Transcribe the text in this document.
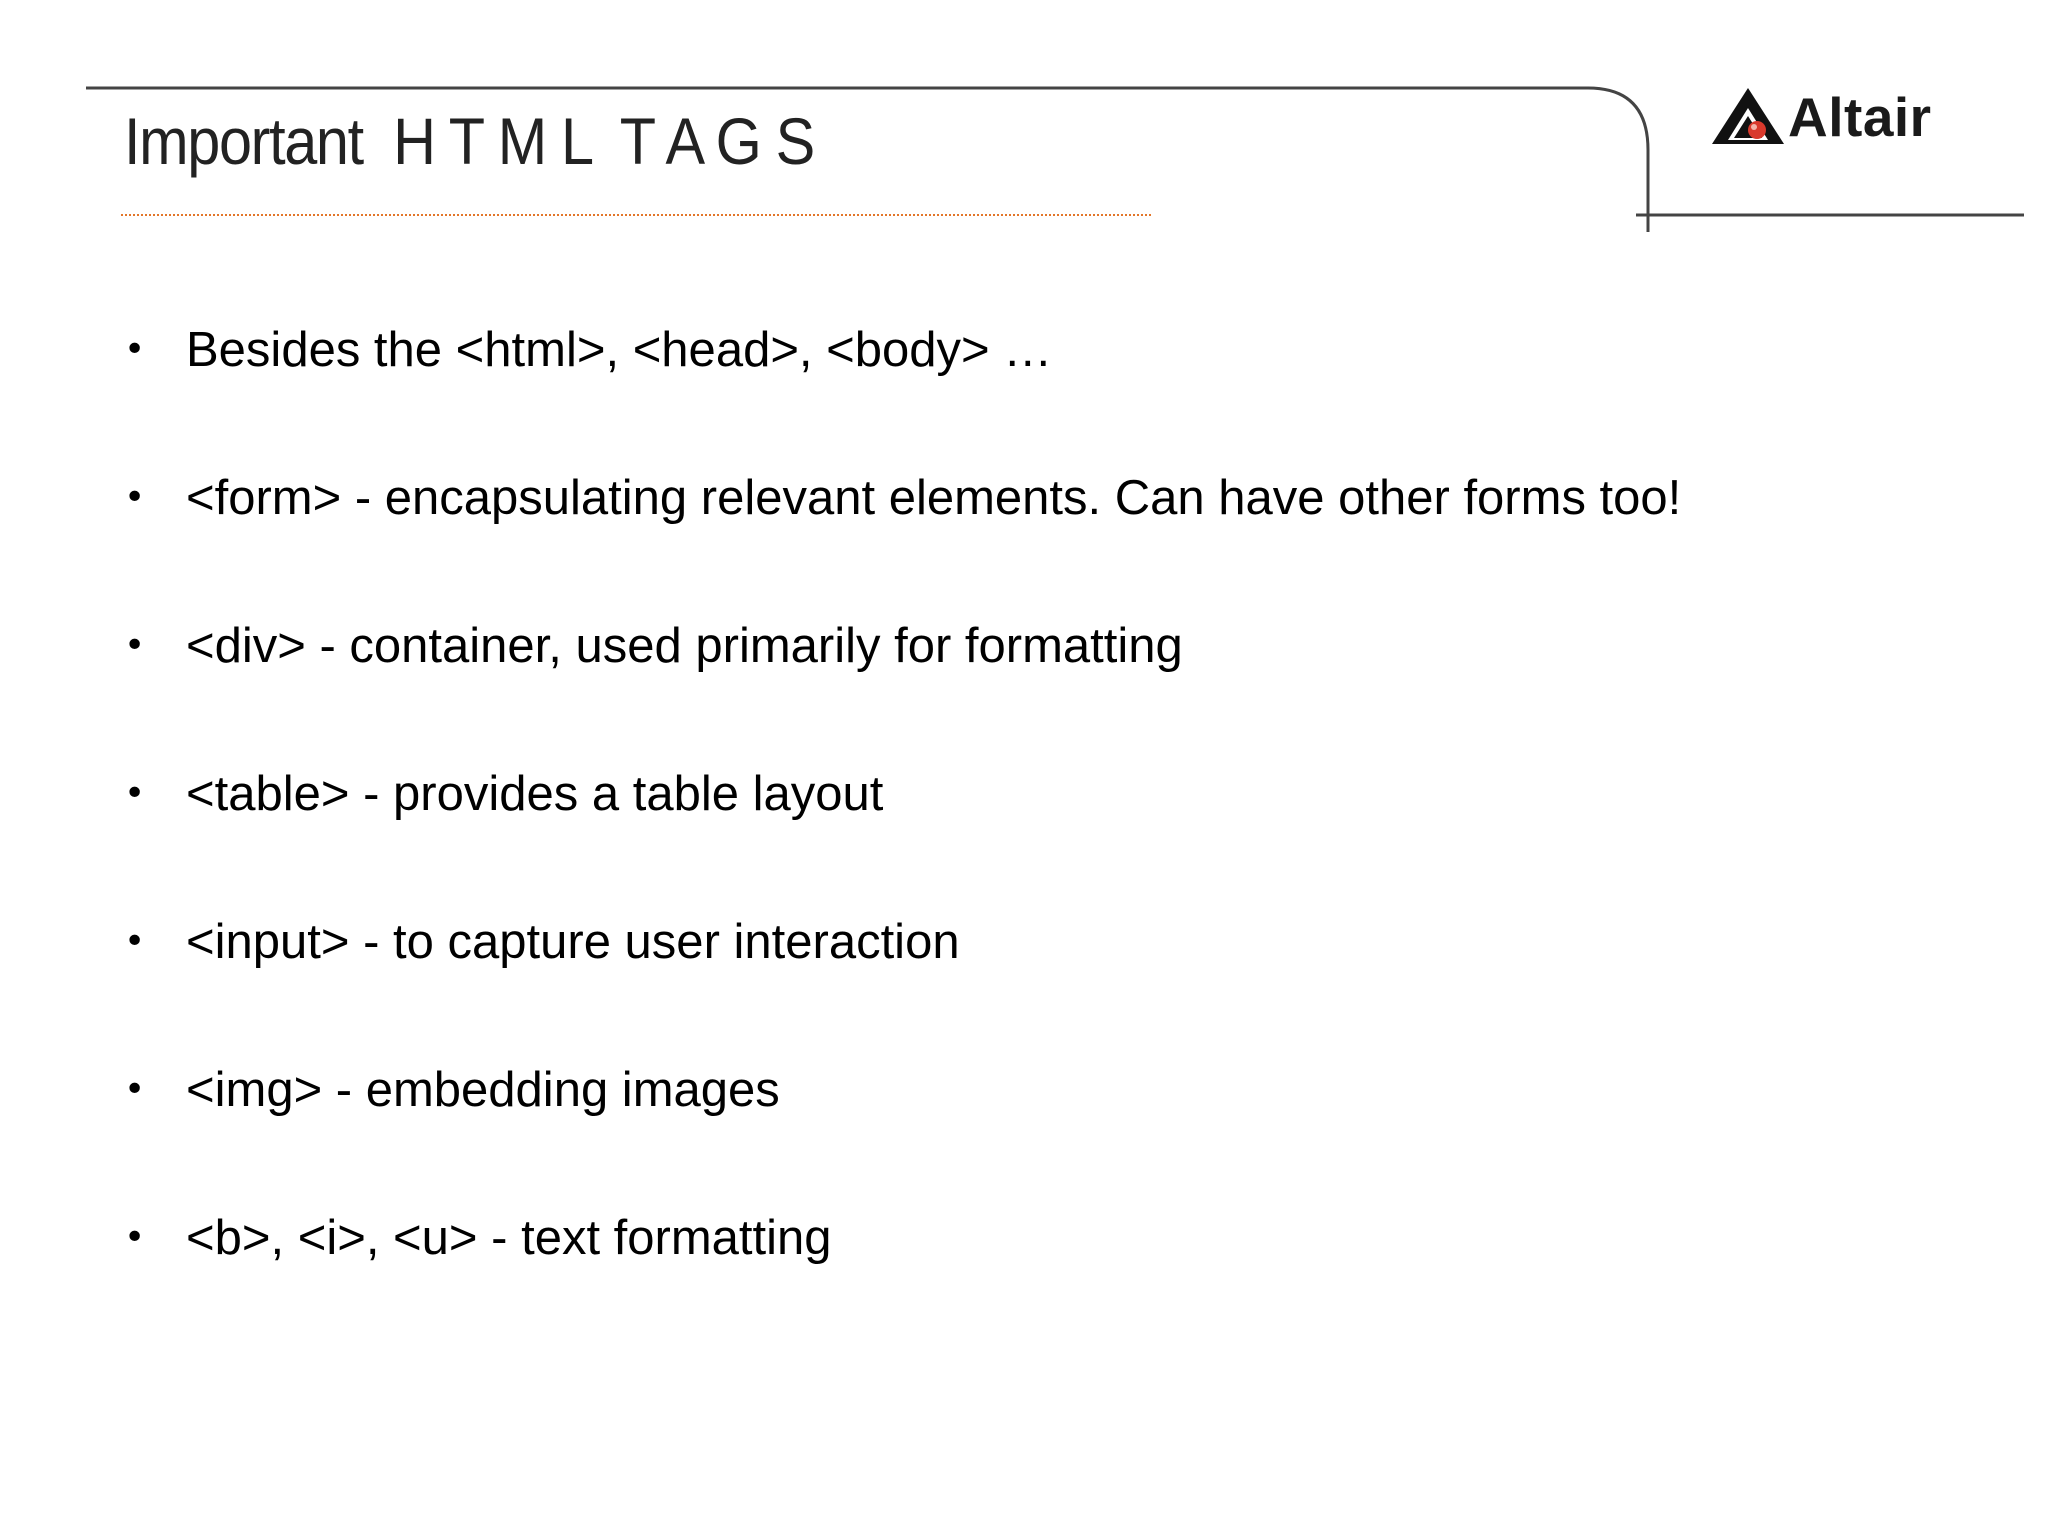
Important  H T M L  T A G S	Altair
• Besides the <html>, <head>, <body> …
• <form> - encapsulating relevant elements. Can have other forms too!
• <div> - container, used primarily for formatting
• <table> - provides a table layout
• <input> - to capture user interaction
• <img> - embedding images
• <b>, <i>, <u> - text formatting
